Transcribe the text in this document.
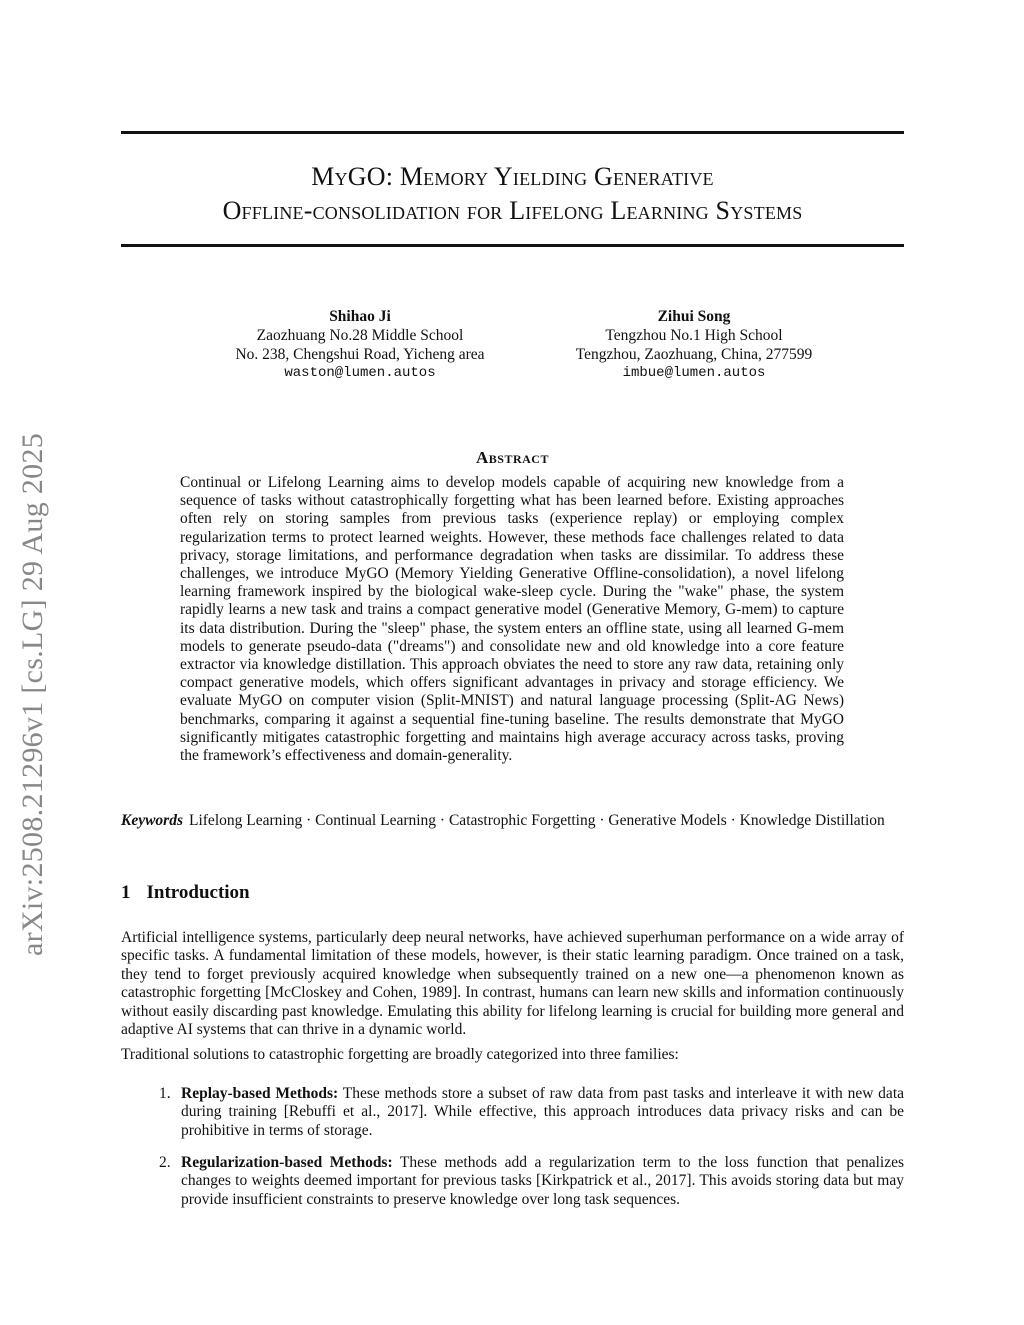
MyGO: Memory Yielding Generative
Offline-consolidation for Lifelong Learning Systems
Shihao Ji
Zaozhuang No.28 Middle School
No. 238, Chengshui Road, Yicheng area
waston@lumen.autos
Zihui Song
Tengzhou No.1 High School
Tengzhou, Zaozhuang, China, 277599
imbue@lumen.autos
arXiv:2508.21296v1 [cs.LG] 29 Aug 2025	Abstract
Continual or Lifelong Learning aims to develop models capable of acquiring new knowledge from a sequence of tasks without catastrophically forgetting what has been learned before. Existing approaches often rely on storing samples from previous tasks (experience replay) or employing complex regularization terms to protect learned weights. However, these methods face challenges related to data privacy, storage limitations, and performance degradation when tasks are dissimilar. To address these challenges, we introduce MyGO (Memory Yielding Generative Offline-consolidation), a novel lifelong learning framework inspired by the biological wake-sleep cycle. During the "wake" phase, the system rapidly learns a new task and trains a compact generative model (Generative Memory, G-mem) to capture its data distribution. During the "sleep" phase, the system enters an offline state, using all learned G-mem models to generate pseudo-data ("dreams") and consolidate new and old knowledge into a core feature extractor via knowledge distillation. This approach obviates the need to store any raw data, retaining only compact generative models, which offers significant advantages in privacy and storage efficiency. We evaluate MyGO on computer vision (Split-MNIST) and natural language processing (Split-AG News) benchmarks, comparing it against a sequential fine-tuning baseline. The results demonstrate that MyGO significantly mitigates catastrophic forgetting and maintains high average accuracy across tasks, proving the framework’s effectiveness and domain-generality.
Keywords Lifelong Learning · Continual Learning · Catastrophic Forgetting · Generative Models · Knowledge Distillation
1 Introduction
Artificial intelligence systems, particularly deep neural networks, have achieved superhuman performance on a wide array of specific tasks. A fundamental limitation of these models, however, is their static learning paradigm. Once trained on a task, they tend to forget previously acquired knowledge when subsequently trained on a new one—a phenomenon known as catastrophic forgetting [McCloskey and Cohen, 1989]. In contrast, humans can learn new skills and information continuously without easily discarding past knowledge. Emulating this ability for lifelong learning is crucial for building more general and adaptive AI systems that can thrive in a dynamic world.
Traditional solutions to catastrophic forgetting are broadly categorized into three families:
1. Replay-based Methods: These methods store a subset of raw data from past tasks and interleave it with new data during training [Rebuffi et al., 2017]. While effective, this approach introduces data privacy risks and can be prohibitive in terms of storage.
2. Regularization-based Methods: These methods add a regularization term to the loss function that penalizes changes to weights deemed important for previous tasks [Kirkpatrick et al., 2017]. This avoids storing data but may provide insufficient constraints to preserve knowledge over long task sequences.
